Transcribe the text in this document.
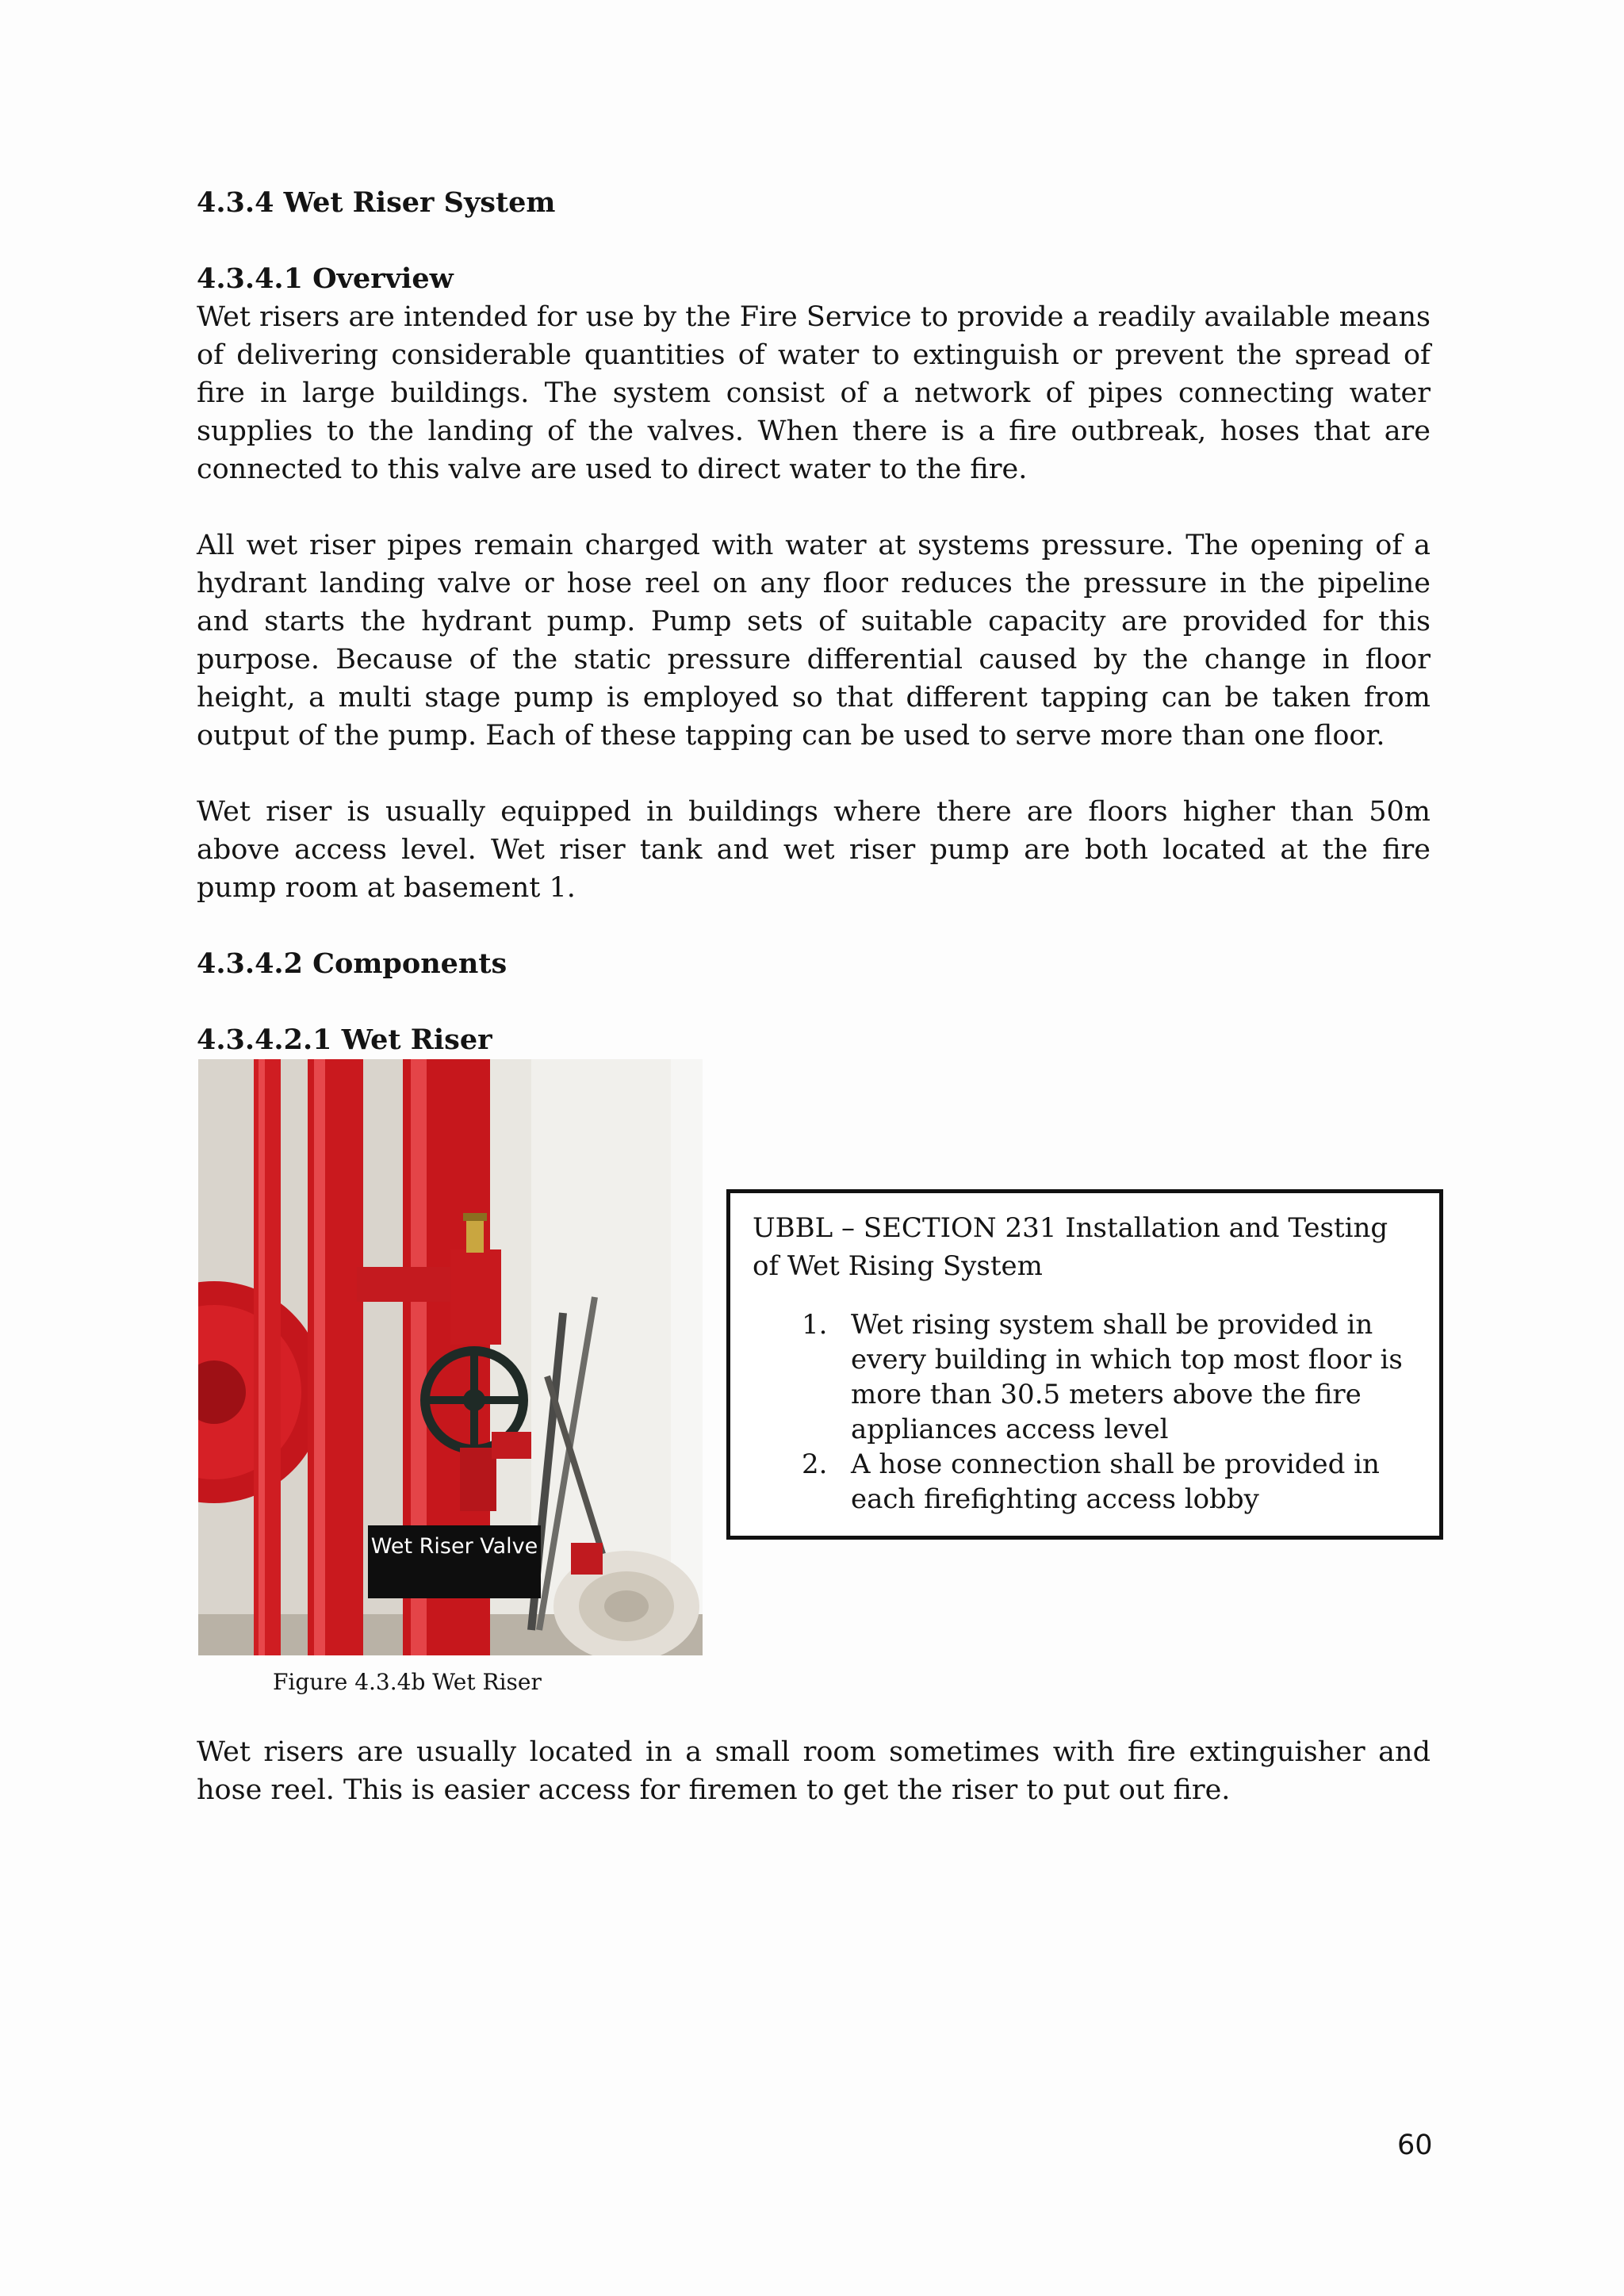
4.3.4 Wet Riser System

4.3.4.1 Overview

Wet risers are intended for use by the Fire Service to provide a readily available means of delivering considerable quantities of water to extinguish or prevent the spread of fire in large buildings. The system consist of a network of pipes connecting water supplies to the landing of the valves. When there is a fire outbreak, hoses that are connected to this valve are used to direct water to the fire.

All wet riser pipes remain charged with water at systems pressure. The opening of a hydrant landing valve or hose reel on any floor reduces the pressure in the pipeline and starts the hydrant pump. Pump sets of suitable capacity are provided for this purpose. Because of the static pressure differential caused by the change in floor height, a multi stage pump is employed so that different tapping can be taken from output of the pump. Each of these tapping can be used to serve more than one floor.

Wet riser is usually equipped in buildings where there are floors higher than 50m above access level. Wet riser tank and wet riser pump are both located at the fire pump room at basement 1.

4.3.4.2 Components

4.3.4.2.1 Wet Riser

Wet Riser Valve
Figure 4.3.4b Wet Riser

UBBL – SECTION 231 Installation and Testing of Wet Rising System

1. Wet rising system shall be provided in every building in which top most floor is more than 30.5 meters above the fire appliances access level
2. A hose connection shall be provided in each firefighting access lobby

Wet risers are usually located in a small room sometimes with fire extinguisher and hose reel. This is easier access for firemen to get the riser to put out fire.

60
